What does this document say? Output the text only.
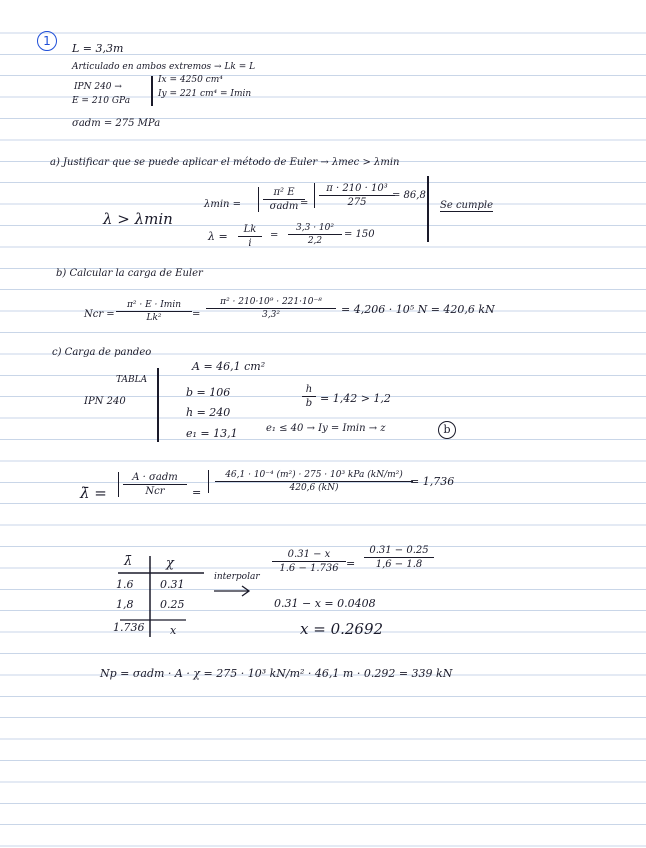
1
L = 3,3m
Articulado en ambos extremos → Lk = L
IPN 240 →
Ix = 4250 cm⁴
Iy = 221 cm⁴ = Imin
E = 210 GPa
σadm = 275 MPa
a) Justificar que se puede aplicar el método de Euler → λmec > λmin
λ > λmin
λmin =
π² E
σadm =
π · 210 · 10³
275
= 86,8
λ =
Lk
i
=
3,3 · 10²
2,2
= 150
Se cumple
b) Calcular la carga de Euler
Ncr =
π² · E · Imin
Lk²	=
π² · 210·10⁹ · 221·10⁻⁸
3,3²	= 4,206 · 10⁵ N = 420,6 kN
c) Carga de pandeo
TABLA
IPN 240
A = 46,1 cm²
b = 106
h = 240
e₁ = 13,1
h
b = 1,42 > 1,2
e₁ ≤ 40 → Iy = Imin → z	b
λ̄ =
A · σadm
Ncr	=
46,1 · 10⁻⁴ (m²) · 275 · 10³ kPa (kN/m²)
420,6 (kN)	= 1,736
λ̄	χ
1.6 0.31
1,8 0.25
1.736 x
interpolar
0.31 − x
1.6 − 1.736 =
0.31 − 0.25
1,6 − 1.8
0.31 − x = 0.0408
x = 0.2692
Np = σadm · A · χ = 275 · 10³ kN/m² · 46,1 m · 0.292 = 339 kN
